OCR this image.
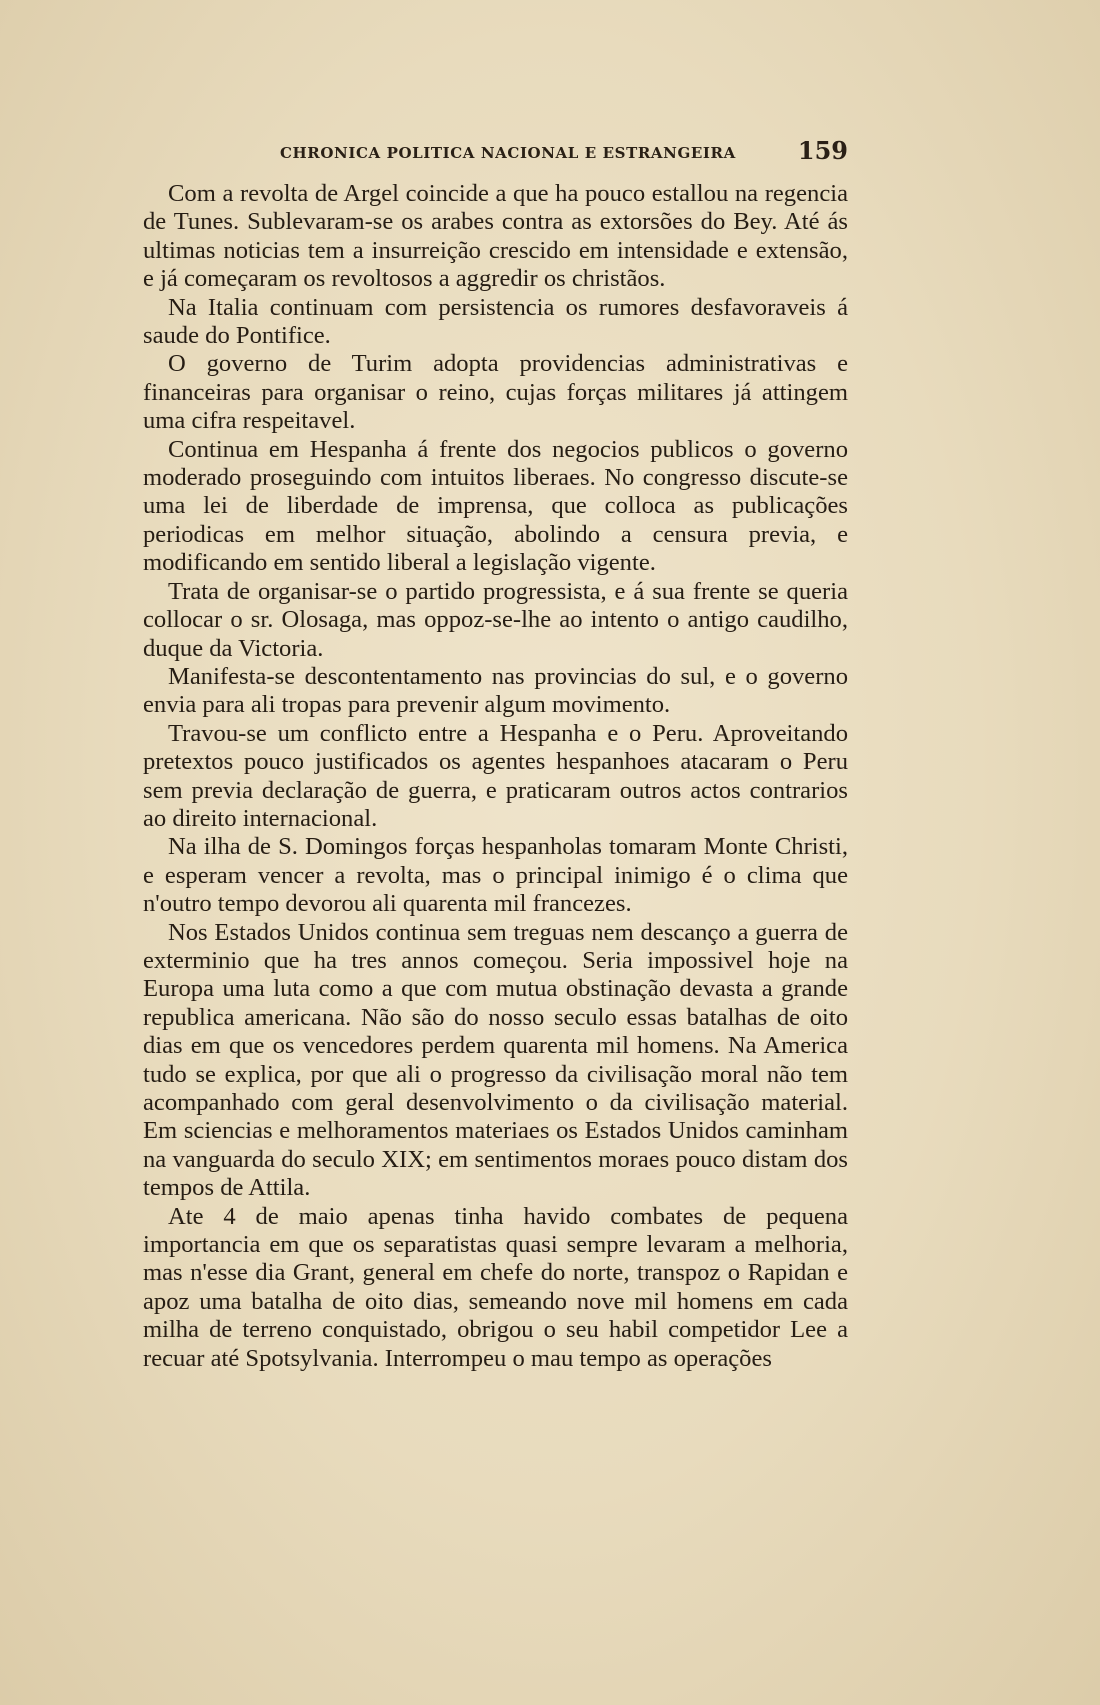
CHRONICA POLITICA NACIONAL E ESTRANGEIRA	159

Com a revolta de Argel coincide a que ha pouco estallou na regencia de Tunes. Sublevaram-se os arabes contra as extorsões do Bey. Até ás ultimas noticias tem a insurreição crescido em intensidade e extensão, e já começaram os revoltosos a aggredir os christãos.

Na Italia continuam com persistencia os rumores desfavoraveis á saude do Pontifice.

O governo de Turim adopta providencias administrativas e financeiras para organisar o reino, cujas forças militares já attingem uma cifra respeitavel.

Continua em Hespanha á frente dos negocios publicos o governo moderado proseguindo com intuitos liberaes. No congresso discute-se uma lei de liberdade de imprensa, que colloca as publicações periodicas em melhor situação, abolindo a censura previa, e modificando em sentido liberal a legislação vigente.

Trata de organisar-se o partido progressista, e á sua frente se queria collocar o sr. Olosaga, mas oppoz-se-lhe ao intento o antigo caudilho, duque da Victoria.

Manifesta-se descontentamento nas provincias do sul, e o governo envia para ali tropas para prevenir algum movimento.

Travou-se um conflicto entre a Hespanha e o Peru. Aproveitando pretextos pouco justificados os agentes hespanhoes atacaram o Peru sem previa declaração de guerra, e praticaram outros actos contrarios ao direito internacional.

Na ilha de S. Domingos forças hespanholas tomaram Monte Christi, e esperam vencer a revolta, mas o principal inimigo é o clima que n'outro tempo devorou ali quarenta mil francezes.

Nos Estados Unidos continua sem treguas nem descanço a guerra de exterminio que ha tres annos começou. Seria impossivel hoje na Europa uma luta como a que com mutua obstinação devasta a grande republica americana. Não são do nosso seculo essas batalhas de oito dias em que os vencedores perdem quarenta mil homens. Na America tudo se explica, por que ali o progresso da civilisação moral não tem acompanhado com geral desenvolvimento o da civilisação material. Em sciencias e melhoramentos materiaes os Estados Unidos caminham na vanguarda do seculo XIX; em sentimentos moraes pouco distam dos tempos de Attila.

Ate 4 de maio apenas tinha havido combates de pequena importancia em que os separatistas quasi sempre levaram a melhoria, mas n'esse dia Grant, general em chefe do norte, transpoz o Rapidan e apoz uma batalha de oito dias, semeando nove mil homens em cada milha de terreno conquistado, obrigou o seu habil competidor Lee a recuar até Spotsylvania. Interrompeu o mau tempo as operações
